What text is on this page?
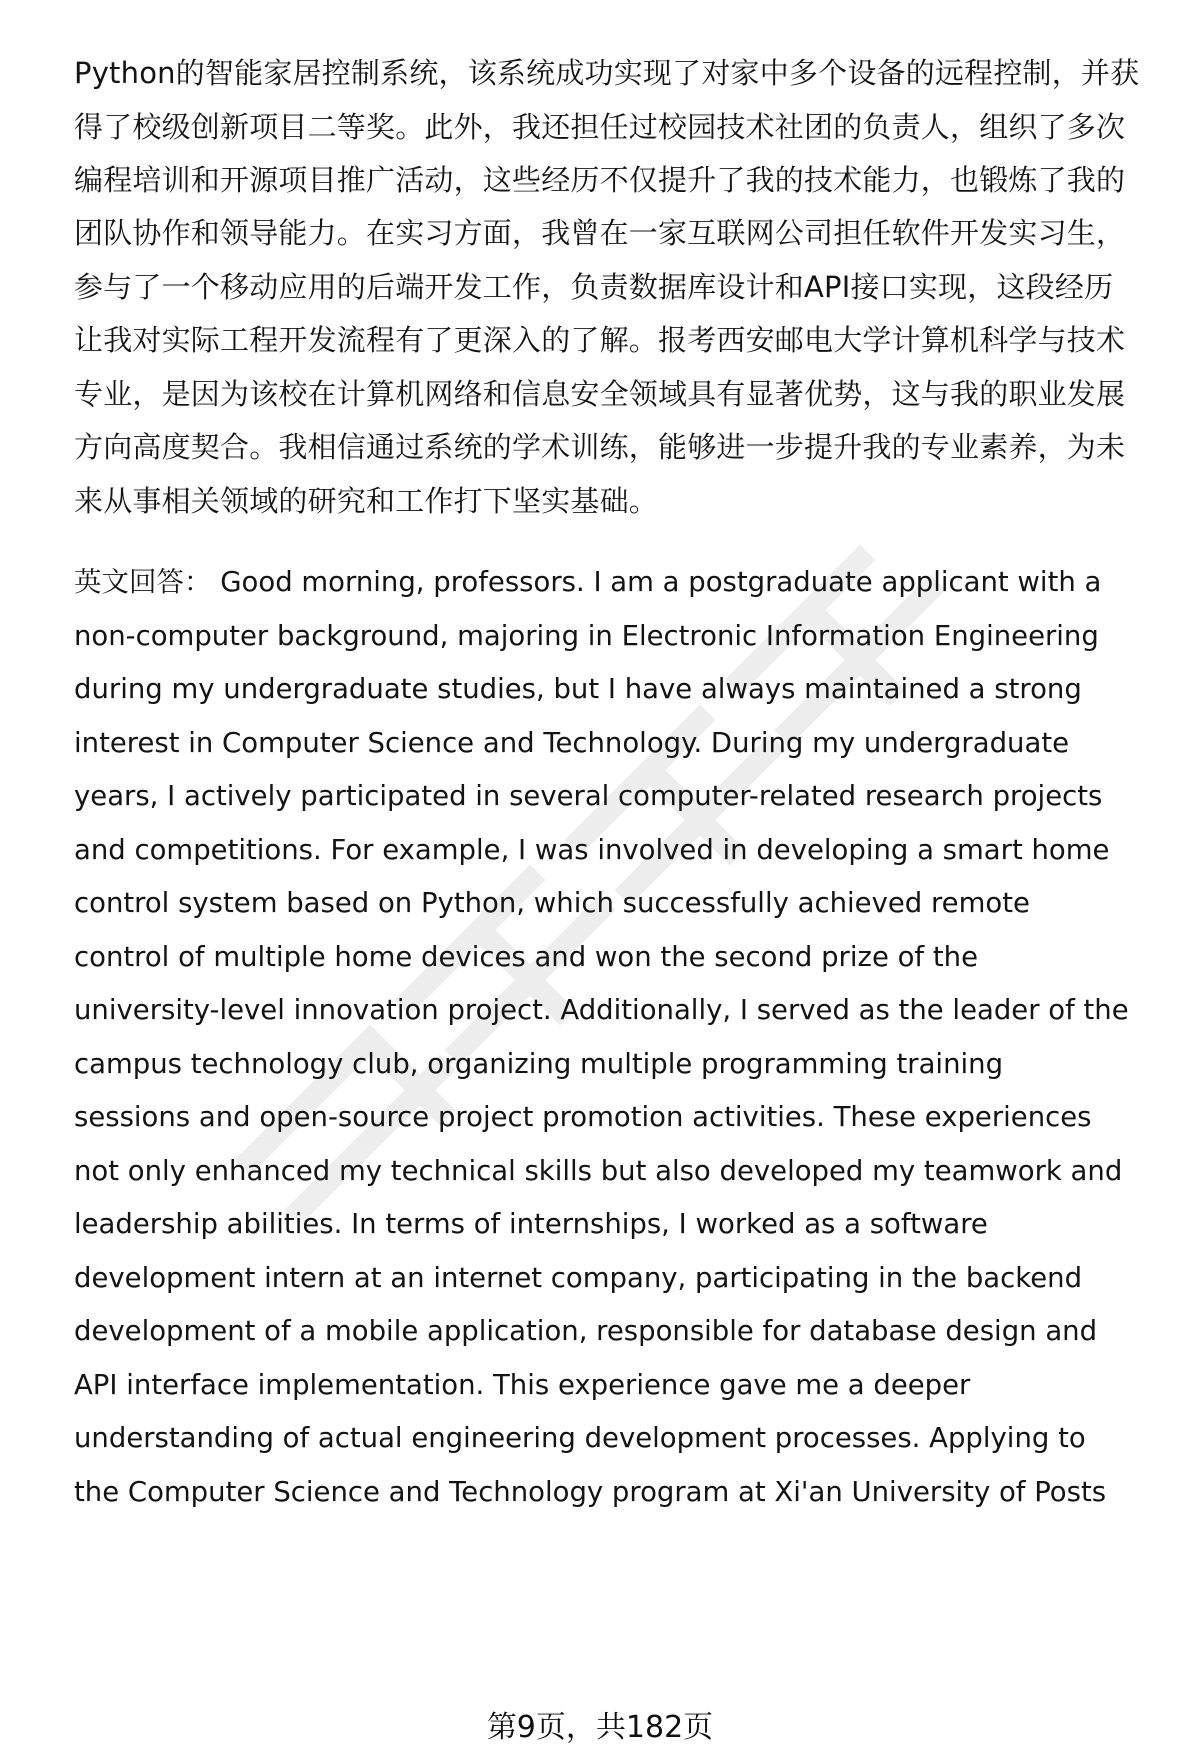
Python的智能家居控制系统，该系统成功实现了对家中多个设备的远程控制，并获
得了校级创新项目二等奖。此外，我还担任过校园技术社团的负责人，组织了多次
编程培训和开源项目推广活动，这些经历不仅提升了我的技术能力，也锻炼了我的
团队协作和领导能力。在实习方面，我曾在一家互联网公司担任软件开发实习生，
参与了一个移动应用的后端开发工作，负责数据库设计和API接口实现，这段经历
让我对实际工程开发流程有了更深入的了解。报考西安邮电大学计算机科学与技术
专业，是因为该校在计算机网络和信息安全领域具有显著优势，这与我的职业发展
方向高度契合。我相信通过系统的学术训练，能够进一步提升我的专业素养，为未
来从事相关领域的研究和工作打下坚实基础。
英文回答： Good morning, professors. I am a postgraduate applicant with a
non-computer background, majoring in Electronic Information Engineering
during my undergraduate studies, but I have always maintained a strong
interest in Computer Science and Technology. During my undergraduate
years, I actively participated in several computer-related research projects
and competitions. For example, I was involved in developing a smart home
control system based on Python, which successfully achieved remote
control of multiple home devices and won the second prize of the
university-level innovation project. Additionally, I served as the leader of the
campus technology club, organizing multiple programming training
sessions and open-source project promotion activities. These experiences
not only enhanced my technical skills but also developed my teamwork and
leadership abilities. In terms of internships, I worked as a software
development intern at an internet company, participating in the backend
development of a mobile application, responsible for database design and
API interface implementation. This experience gave me a deeper
understanding of actual engineering development processes. Applying to
the Computer Science and Technology program at Xi'an University of Posts
第9页，共182页
